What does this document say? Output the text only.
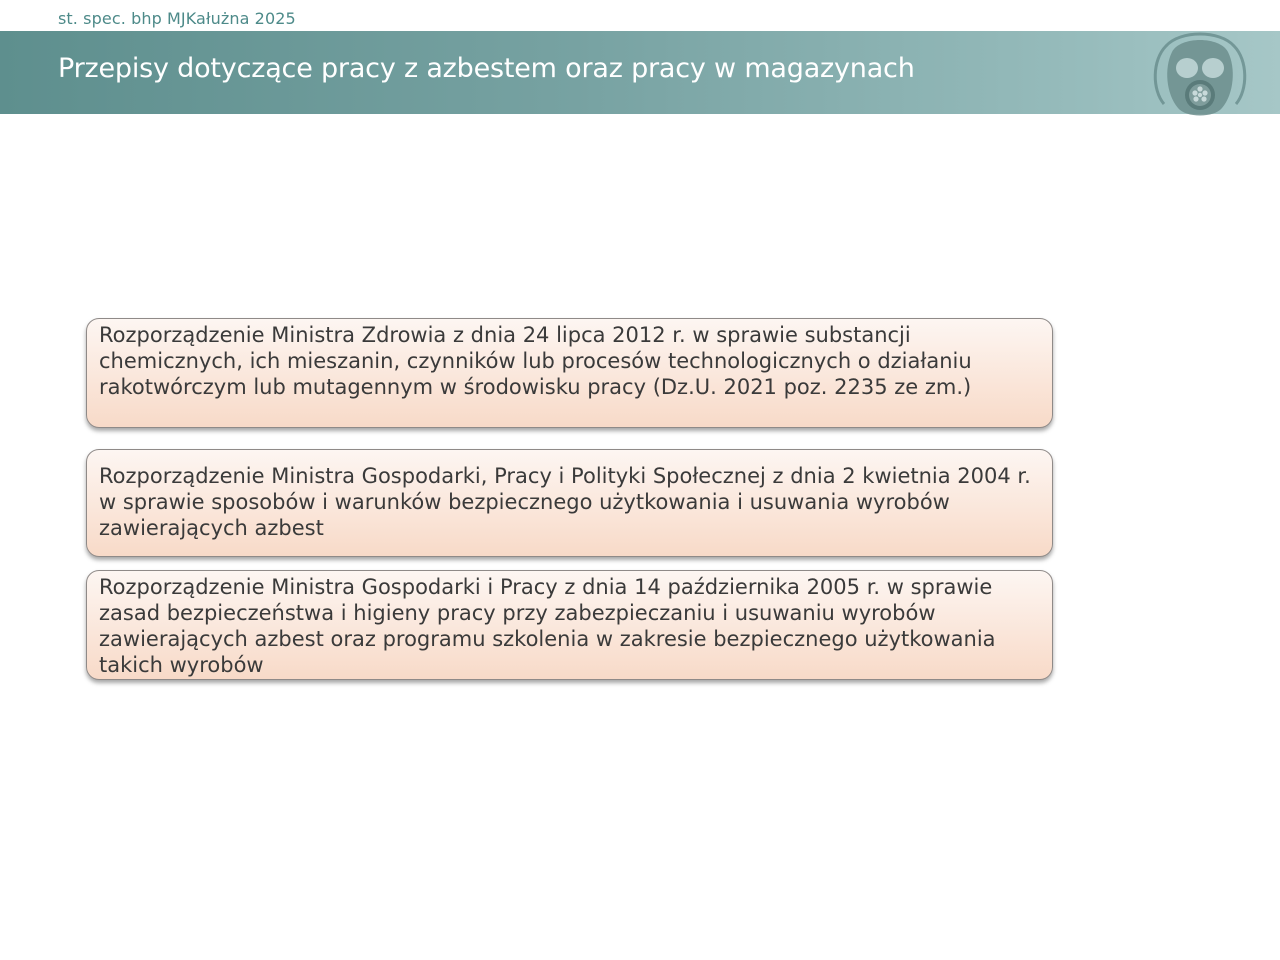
st. spec. bhp MJKałużna 2025
Przepisy dotyczące pracy z azbestem oraz pracy w magazynach
Rozporządzenie Ministra Zdrowia z dnia 24 lipca 2012 r. w sprawie substancji chemicznych, ich mieszanin, czynników lub procesów technologicznych o działaniu rakotwórczym lub mutagennym w środowisku pracy (Dz.U. 2021 poz. 2235 ze zm.)
Rozporządzenie Ministra Gospodarki, Pracy i Polityki Społecznej z dnia 2 kwietnia 2004 r. w sprawie sposobów i warunków bezpiecznego użytkowania i usuwania wyrobów zawierających azbest
Rozporządzenie Ministra Gospodarki i Pracy z dnia 14 października 2005 r. w sprawie zasad bezpieczeństwa i higieny pracy przy zabezpieczaniu i usuwaniu wyrobów zawierających azbest oraz programu szkolenia w zakresie bezpiecznego użytkowania takich wyrobów
